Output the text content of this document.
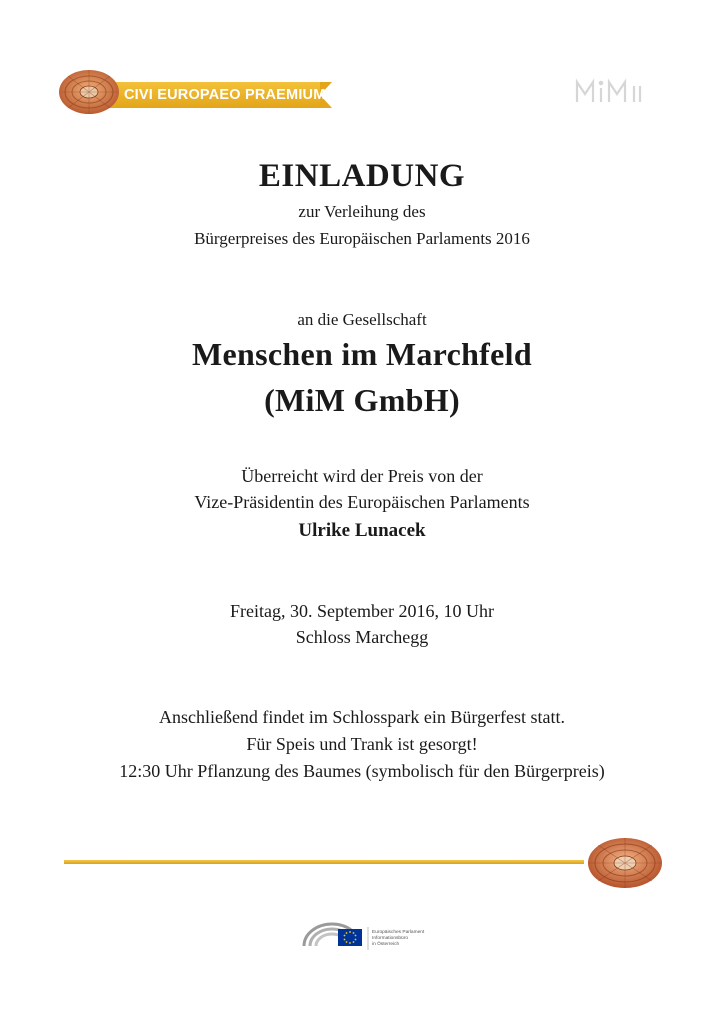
CIVI EUROPAEO PRAEMIUM
EINLADUNG
zur Verleihung des
Bürgerpreises des Europäischen Parlaments 2016
an die Gesellschaft
Menschen im Marchfeld
(MiM GmbH)
Überreicht wird der Preis von der
Vize-Präsidentin des Europäischen Parlaments
Ulrike Lunacek
Freitag, 30. September 2016, 10 Uhr
Schloss Marchegg
Anschließend findet im Schlosspark ein Bürgerfest statt.
Für Speis und Trank ist gesorgt!
12:30 Uhr Pflanzung des Baumes (symbolisch für den Bürgerpreis)
Europäisches Parlament
Informationsbüro
in Österreich
